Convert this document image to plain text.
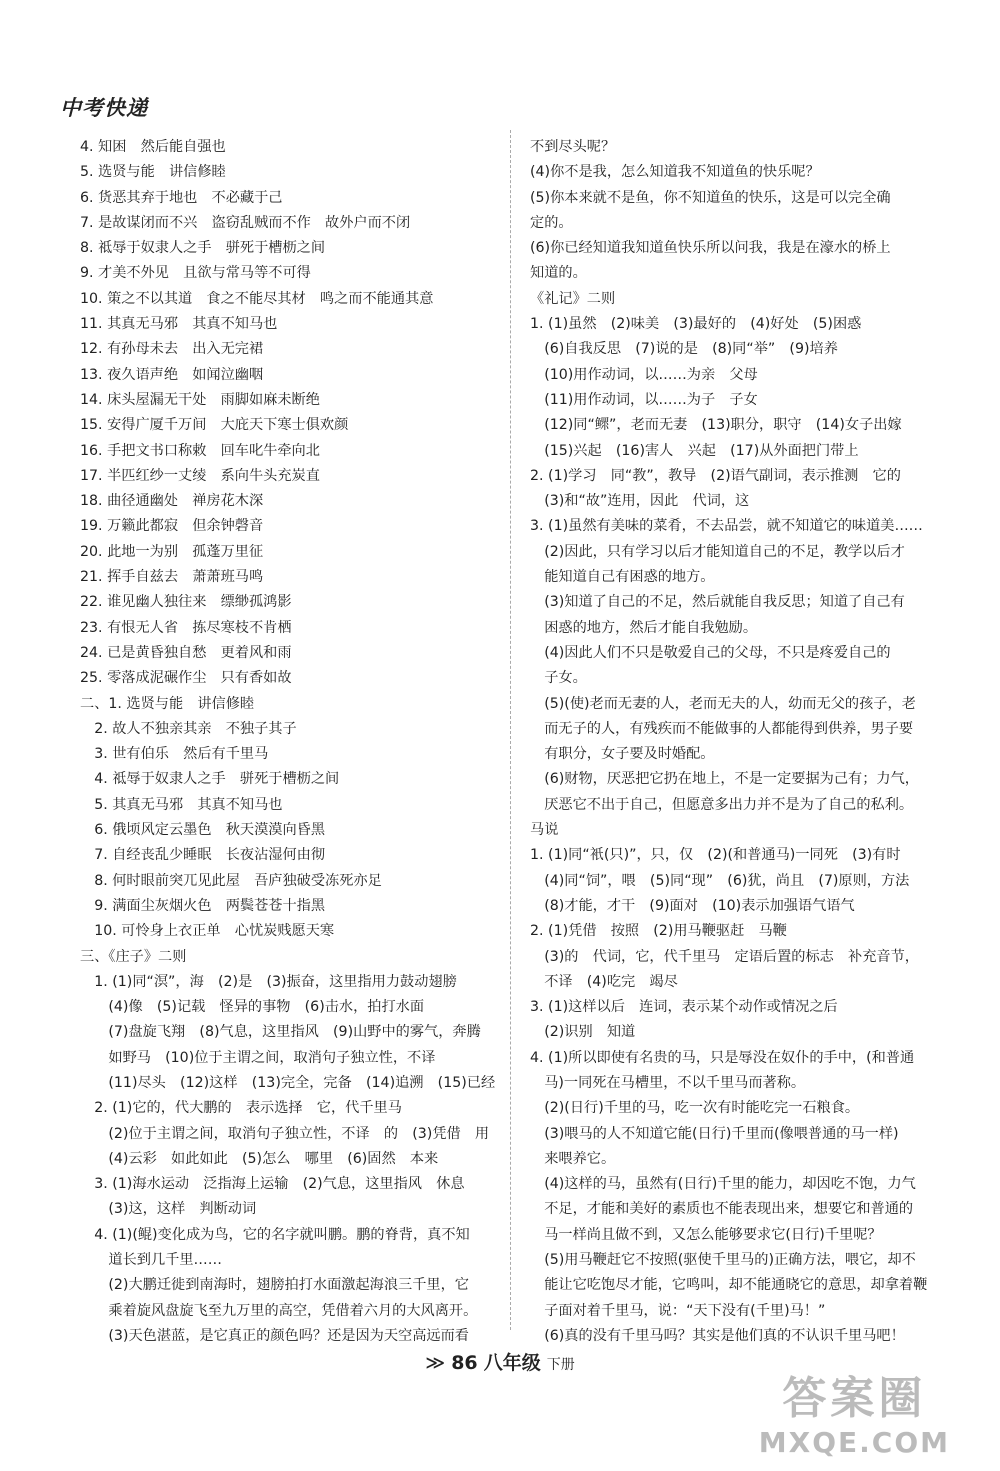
中考快递
4. 知困　然后能自强也
5. 选贤与能　讲信修睦
6. 货恶其弃于地也　不必藏于己
7. 是故谋闭而不兴　盗窃乱贼而不作　故外户而不闭
8. 祗辱于奴隶人之手　骈死于槽枥之间
9. 才美不外见　且欲与常马等不可得
10. 策之不以其道　食之不能尽其材　鸣之而不能通其意
11. 其真无马邪　其真不知马也
12. 有孙母未去　出入无完裙
13. 夜久语声绝　如闻泣幽咽
14. 床头屋漏无干处　雨脚如麻未断绝
15. 安得广厦千万间　大庇天下寒士俱欢颜
16. 手把文书口称敕　回车叱牛牵向北
17. 半匹红纱一丈绫　系向牛头充炭直
18. 曲径通幽处　禅房花木深
19. 万籁此都寂　但余钟磬音
20. 此地一为别　孤蓬万里征
21. 挥手自兹去　萧萧班马鸣
22. 谁见幽人独往来　缥缈孤鸿影
23. 有恨无人省　拣尽寒枝不肯栖
24. 已是黄昏独自愁　更着风和雨
25. 零落成泥碾作尘　只有香如故
二、1. 选贤与能　讲信修睦
　2. 故人不独亲其亲　不独子其子
　3. 世有伯乐　然后有千里马
　4. 祗辱于奴隶人之手　骈死于槽枥之间
　5. 其真无马邪　其真不知马也
　6. 俄顷风定云墨色　秋天漠漠向昏黑
　7. 自经丧乱少睡眠　长夜沾湿何由彻
　8. 何时眼前突兀见此屋　吾庐独破受冻死亦足
　9. 满面尘灰烟火色　两鬓苍苍十指黑
　10. 可怜身上衣正单　心忧炭贱愿天寒
三、《庄子》二则
　1. (1)同“溟”，海　(2)是　(3)振奋，这里指用力鼓动翅膀
　　(4)像　(5)记载　怪异的事物　(6)击水，拍打水面
　　(7)盘旋飞翔　(8)气息，这里指风　(9)山野中的雾气，奔腾
　　如野马　(10)位于主谓之间，取消句子独立性，不译
　　(11)尽头　(12)这样　(13)完全，完备　(14)追溯　(15)已经
　2. (1)它的，代大鹏的　表示选择　它，代千里马
　　(2)位于主谓之间，取消句子独立性，不译　的　(3)凭借　用
　　(4)云彩　如此如此　(5)怎么　哪里　(6)固然　本来
　3. (1)海水运动　泛指海上运输　(2)气息，这里指风　休息
　　(3)这，这样　判断动词
　4. (1)(鲲)变化成为鸟，它的名字就叫鹏。鹏的脊背，真不知
　　道长到几千里……
　　(2)大鹏迁徙到南海时，翅膀拍打水面激起海浪三千里，它
　　乘着旋风盘旋飞至九万里的高空，凭借着六月的大风离开。
　　(3)天色湛蓝，是它真正的颜色吗？还是因为天空高远而看
不到尽头呢？
(4)你不是我，怎么知道我不知道鱼的快乐呢？
(5)你本来就不是鱼，你不知道鱼的快乐，这是可以完全确
定的。
(6)你已经知道我知道鱼快乐所以问我，我是在濠水的桥上
知道的。
《礼记》二则
1. (1)虽然　(2)味美　(3)最好的　(4)好处　(5)困惑
　(6)自我反思　(7)说的是　(8)同“举”　(9)培养
　(10)用作动词，以……为亲　父母
　(11)用作动词，以……为子　子女
　(12)同“鳏”，老而无妻　(13)职分，职守　(14)女子出嫁
　(15)兴起　(16)害人　兴起　(17)从外面把门带上
2. (1)学习　同“教”，教导　(2)语气副词，表示推测　它的
　(3)和“故”连用，因此　代词，这
3. (1)虽然有美味的菜肴，不去品尝，就不知道它的味道美……
　(2)因此，只有学习以后才能知道自己的不足，教学以后才
　能知道自己有困惑的地方。
　(3)知道了自己的不足，然后就能自我反思；知道了自己有
　困惑的地方，然后才能自我勉励。
　(4)因此人们不只是敬爱自己的父母，不只是疼爱自己的
　子女。
　(5)(使)老而无妻的人，老而无夫的人，幼而无父的孩子，老
　而无子的人，有残疾而不能做事的人都能得到供养，男子要
　有职分，女子要及时婚配。
　(6)财物，厌恶把它扔在地上，不是一定要据为己有；力气，
　厌恶它不出于自己，但愿意多出力并不是为了自己的私利。
马说
1. (1)同“衹(只)”，只，仅　(2)(和普通马)一同死　(3)有时
　(4)同“饲”，喂　(5)同“现”　(6)犹，尚且　(7)原则，方法
　(8)才能，才干　(9)面对　(10)表示加强语气语气
2. (1)凭借　按照　(2)用马鞭驱赶　马鞭
　(3)的　代词，它，代千里马　定语后置的标志　补充音节，
　不译　(4)吃完　竭尽
3. (1)这样以后　连词，表示某个动作或情况之后
　(2)识别　知道
4. (1)所以即使有名贵的马，只是辱没在奴仆的手中，(和普通
　马)一同死在马槽里，不以千里马而著称。
　(2)(日行)千里的马，吃一次有时能吃完一石粮食。
　(3)喂马的人不知道它能(日行)千里而(像喂普通的马一样)
　来喂养它。
　(4)这样的马，虽然有(日行)千里的能力，却因吃不饱，力气
　不足，才能和美好的素质也不能表现出来，想要它和普通的
　马一样尚且做不到，又怎么能够要求它(日行)千里呢？
　(5)用马鞭赶它不按照(驱使千里马的)正确方法，喂它，却不
　能让它吃饱尽才能，它鸣叫，却不能通晓它的意思，却拿着鞭
　子面对着千里马，说：“天下没有(千里)马！”
　(6)真的没有千里马吗？其实是他们真的不认识千里马吧！
≫ 86 八年级 下册
答案圈
MXQE.COM
